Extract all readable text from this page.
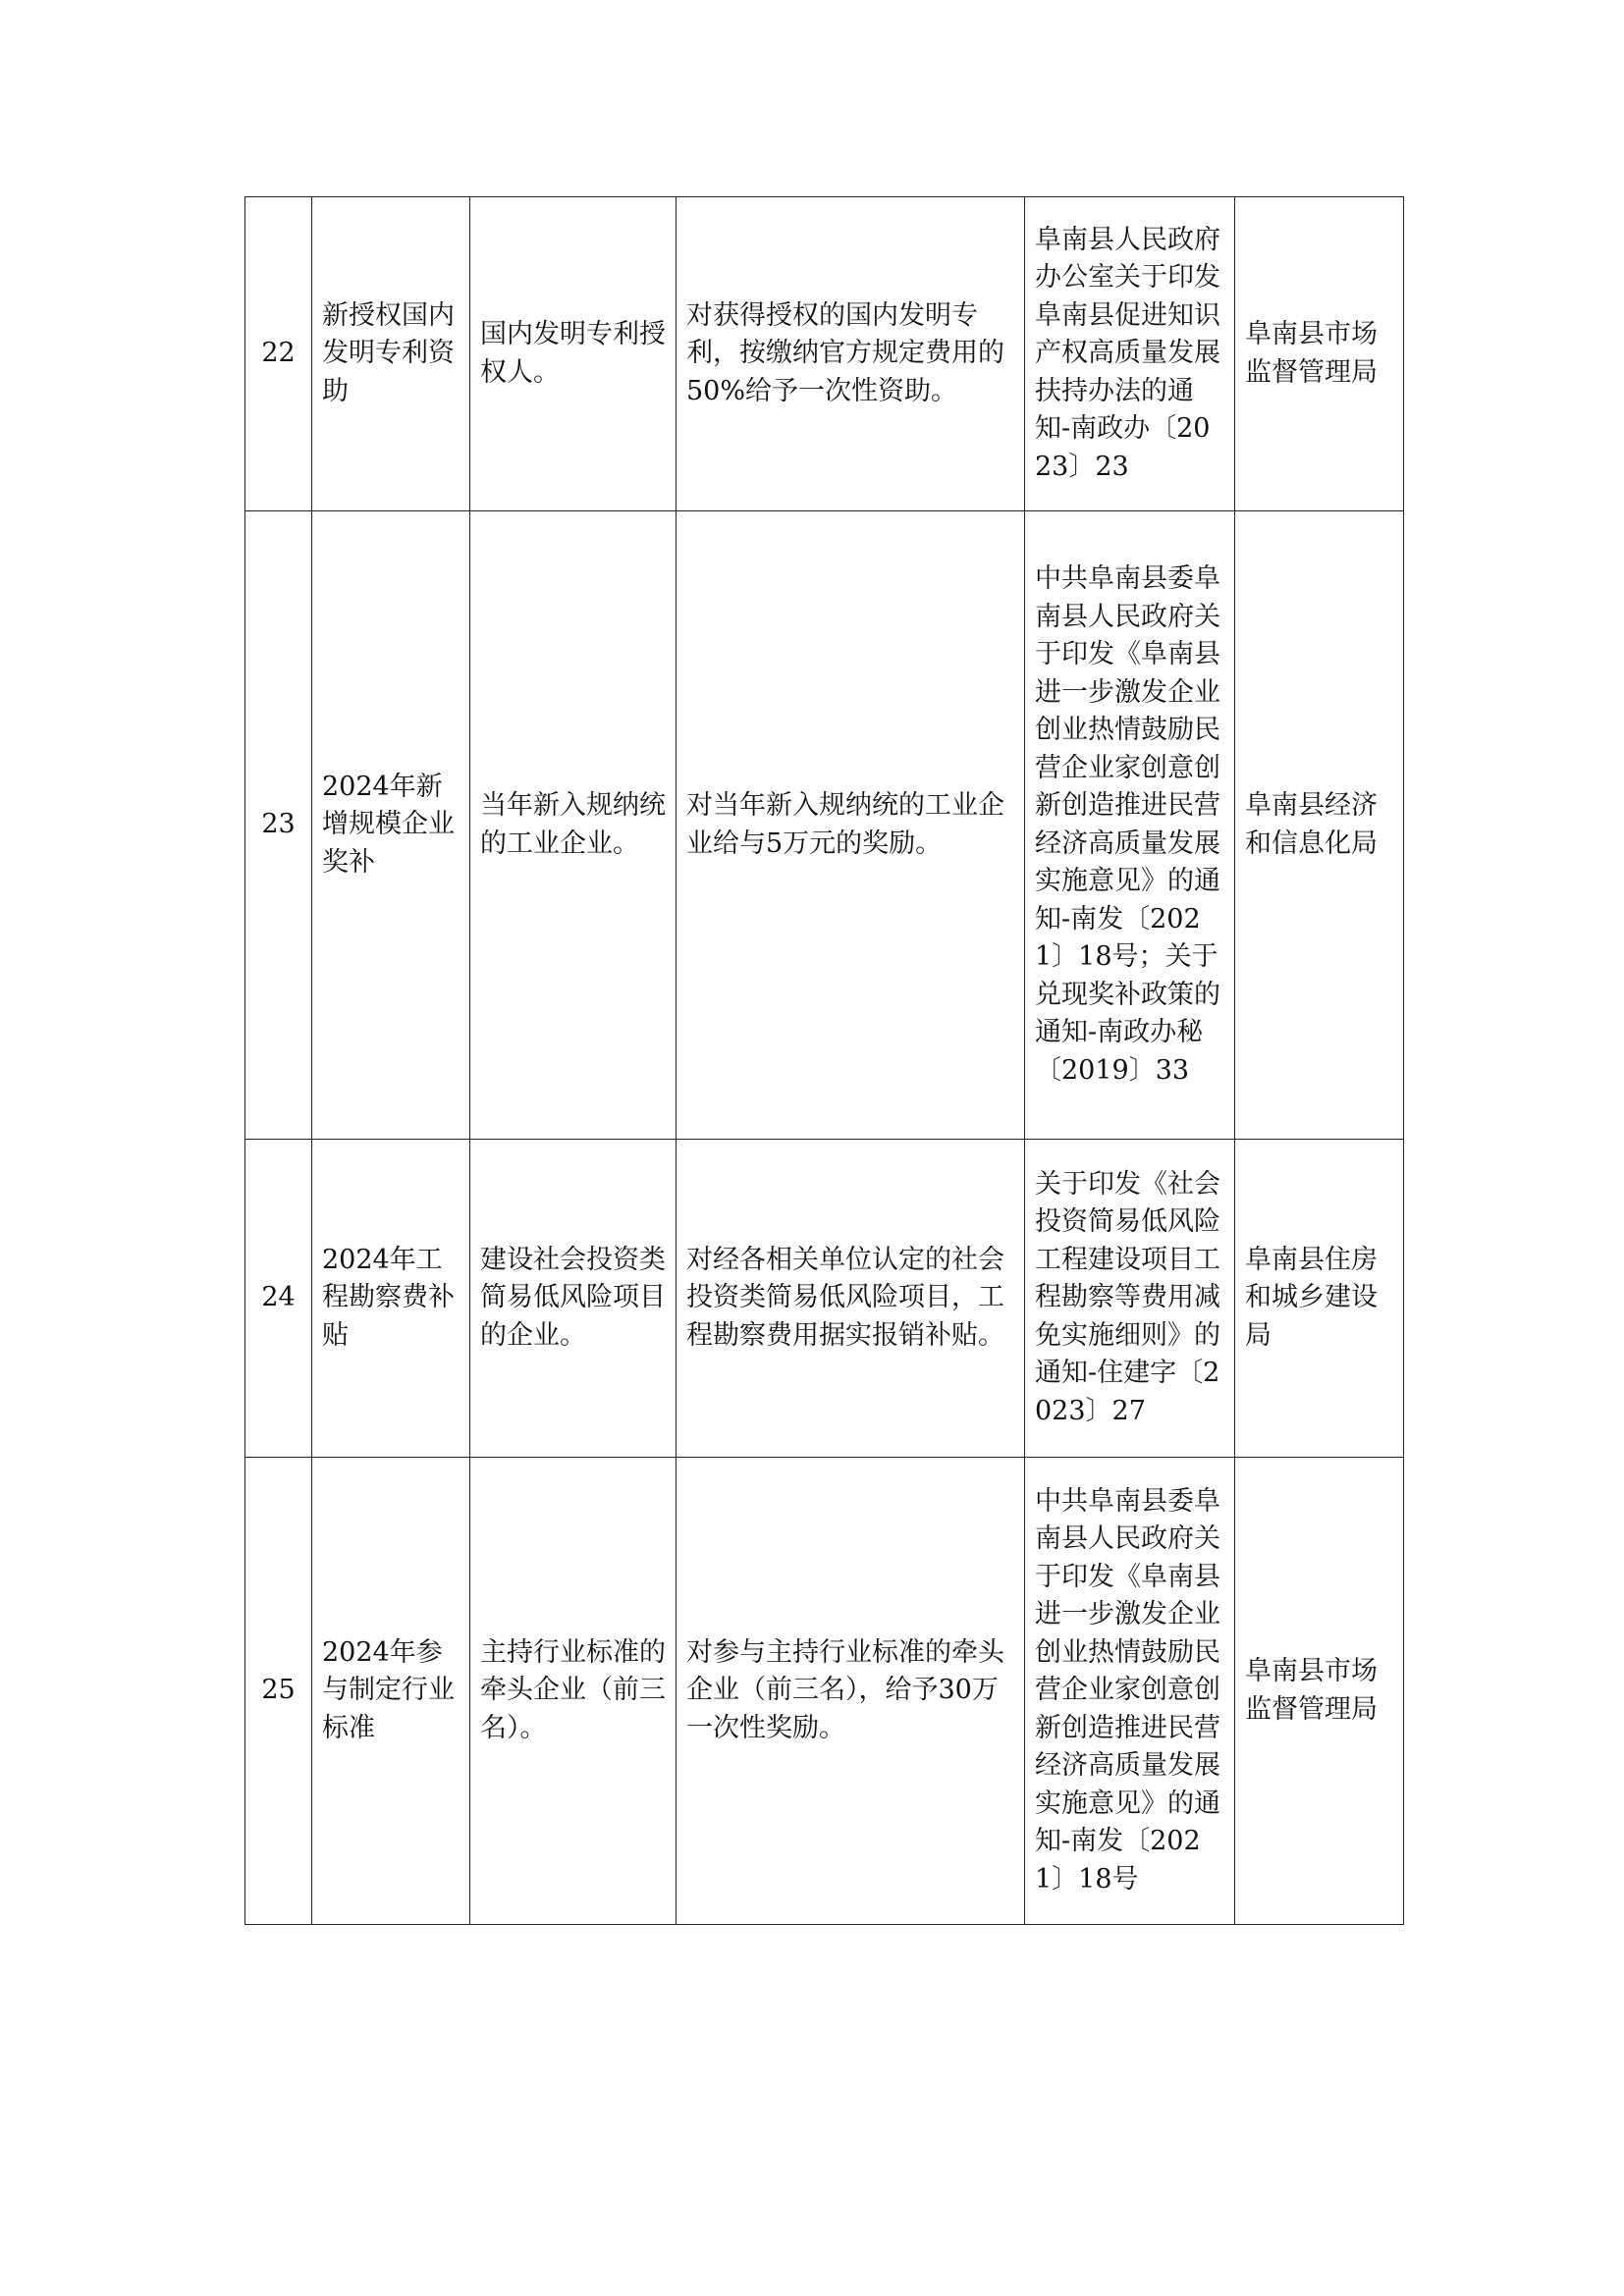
22	新授权国内发明专利资助	国内发明专利授权人。	对获得授权的国内发明专利，按缴纳官方规定费用的50%给予一次性资助。	阜南县人民政府办公室关于印发阜南县促进知识产权高质量发展扶持办法的通知-南政办〔2023〕23	阜南县市场监督管理局

23	2024年新增规模企业奖补	当年新入规纳统的工业企业。	对当年新入规纳统的工业企业给与5万元的奖励。	中共阜南县委阜南县人民政府关于印发《阜南县进一步激发企业创业热情鼓励民营企业家创意创新创造推进民营经济高质量发展实施意见》的通知-南发〔2021〕18号；关于兑现奖补政策的通知-南政办秘〔2019〕33	阜南县经济和信息化局

24	2024年工程勘察费补贴	建设社会投资类简易低风险项目的企业。	对经各相关单位认定的社会投资类简易低风险项目，工程勘察费用据实报销补贴。	关于印发《社会投资简易低风险工程建设项目工程勘察等费用减免实施细则》的通知-住建字〔2023〕27	阜南县住房和城乡建设局

25	2024年参与制定行业标准	主持行业标准的牵头企业（前三名）。	对参与主持行业标准的牵头企业（前三名），给予30万一次性奖励。	中共阜南县委阜南县人民政府关于印发《阜南县进一步激发企业创业热情鼓励民营企业家创意创新创造推进民营经济高质量发展实施意见》的通知-南发〔2021〕18号	阜南县市场监督管理局
